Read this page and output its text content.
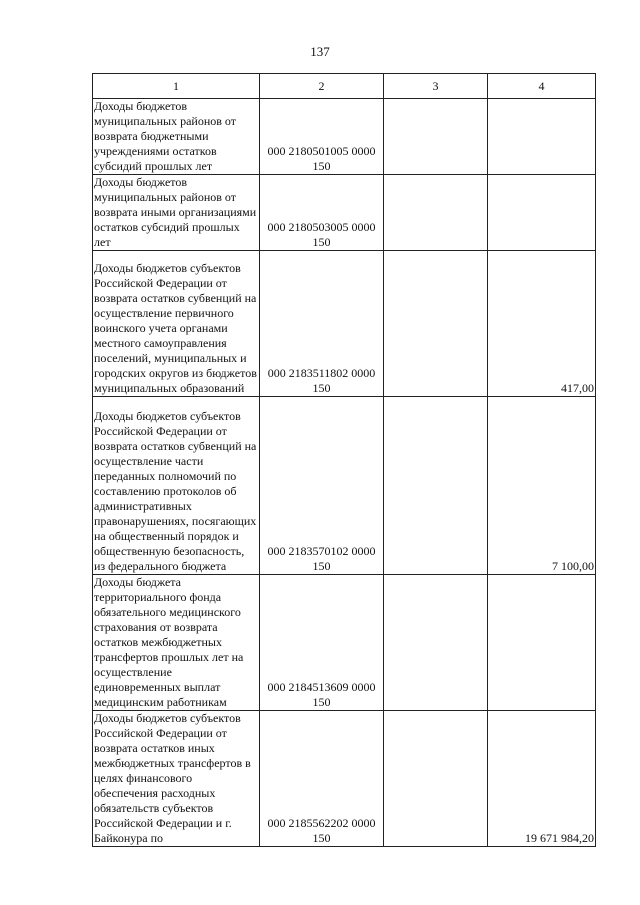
137
1	2	3	4
Доходы бюджетов муниципальных районов от возврата бюджетными учреждениями остатков субсидий прошлых лет	000 2180501005 0000 150		
Доходы бюджетов муниципальных районов от возврата иными организациями остатков субсидий прошлых лет	000 2180503005 0000 150		
Доходы бюджетов субъектов Российской Федерации от возврата остатков субвенций на осуществление первичного воинского учета органами местного самоуправления поселений, муниципальных и городских округов из бюджетов муниципальных образований	000 2183511802 0000 150		417,00
Доходы бюджетов субъектов Российской Федерации от возврата остатков субвенций на осуществление части переданных полномочий по составлению протоколов об административных правонарушениях, посягающих на общественный порядок и общественную безопасность, из федерального бюджета	000 2183570102 0000 150		7 100,00
Доходы бюджета территориального фонда обязательного медицинского страхования от возврата остатков межбюджетных трансфертов прошлых лет на осуществление единовременных выплат медицинским работникам	000 2184513609 0000 150		
Доходы бюджетов субъектов Российской Федерации от возврата остатков иных межбюджетных трансфертов в целях финансового обеспечения расходных обязательств субъектов Российской Федерации и г. Байконура по	000 2185562202 0000 150		19 671 984,20
